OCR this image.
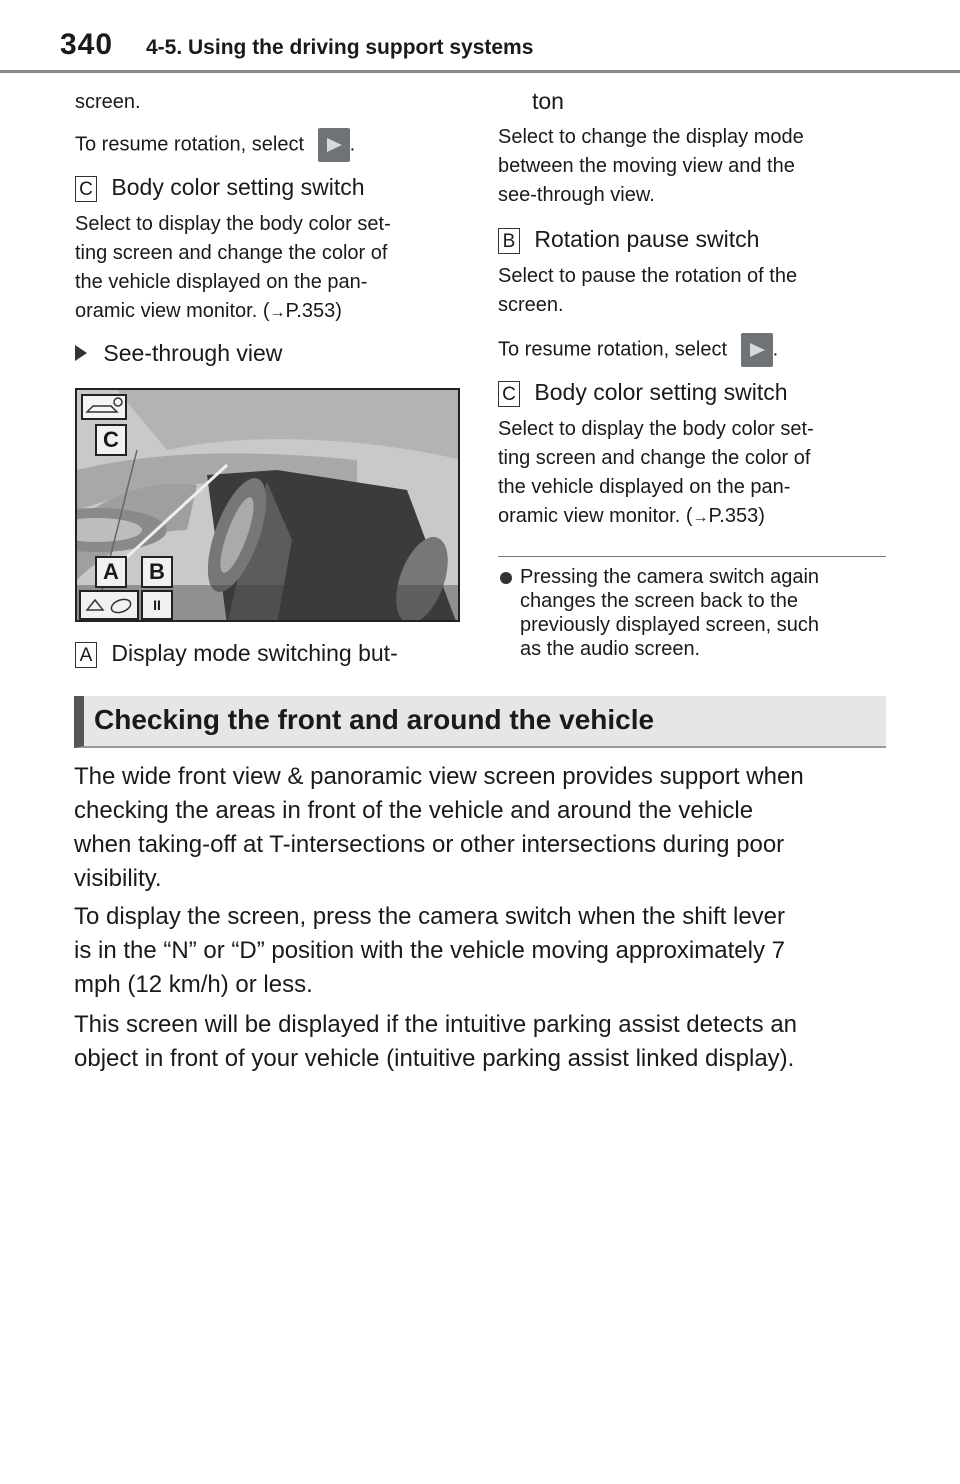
340 4-5. Using the driving support systems
screen.
To resume rotation, select .
C Body color setting switch
Select to display the body color set-
ting screen and change the color of
the vehicle displayed on the pan-
oramic view monitor. (→P.353)
See-through view
C
A	B
II
A Display mode switching but-
ton
Select to change the display mode
between the moving view and the
see-through view.
B Rotation pause switch
Select to pause the rotation of the
screen.
To resume rotation, select .
C Body color setting switch
Select to display the body color set-
ting screen and change the color of
the vehicle displayed on the pan-
oramic view monitor. (→P.353)
Pressing the camera switch again
changes the screen back to the
previously displayed screen, such
as the audio screen.
Checking the front and around the vehicle
The wide front view & panoramic view screen provides support when
checking the areas in front of the vehicle and around the vehicle
when taking-off at T-intersections or other intersections during poor
visibility.
To display the screen, press the camera switch when the shift lever
is in the “N” or “D” position with the vehicle moving approximately 7
mph (12 km/h) or less.
This screen will be displayed if the intuitive parking assist detects an
object in front of your vehicle (intuitive parking assist linked display).
